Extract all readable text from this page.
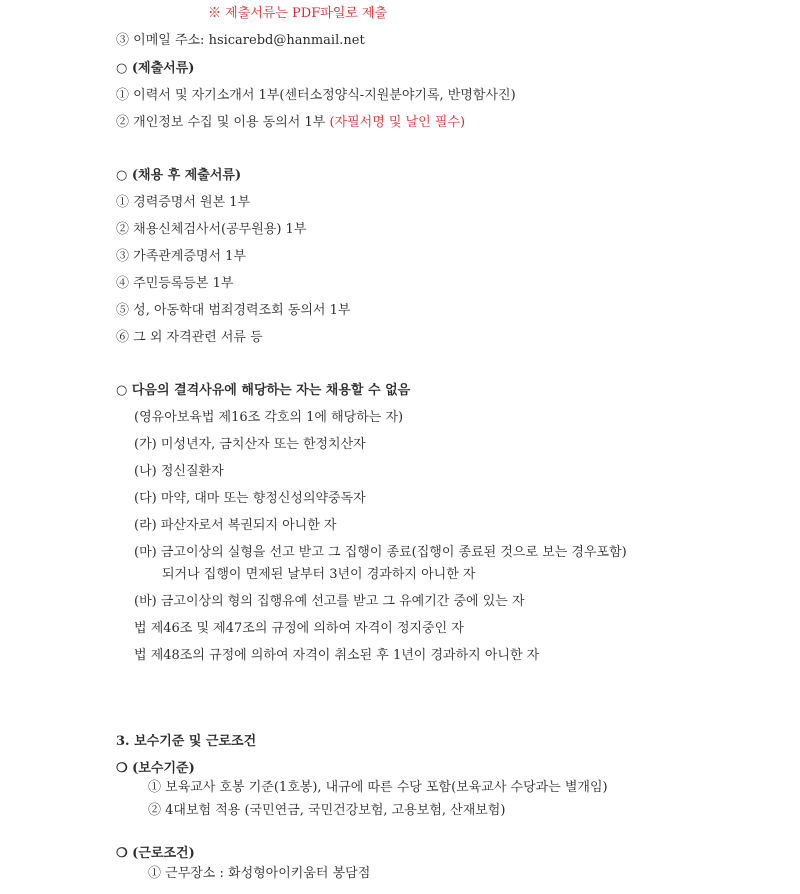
※ 제출서류는 PDF파일로 제출
③ 이메일 주소: hsicarebd@hanmail.net
○ (제출서류)
① 이력서 및 자기소개서 1부(센터소정양식-지원분야기록, 반명함사진)
② 개인정보 수집 및 이용 동의서 1부 (자필서명 및 날인 필수)
○ (채용 후 제출서류)
① 경력증명서 원본 1부
② 채용신체검사서(공무원용) 1부
③ 가족관계증명서 1부
④ 주민등록등본 1부
⑤ 성, 아동학대 범죄경력조회 동의서 1부
⑥ 그 외 자격관련 서류 등
○ 다음의 결격사유에 해당하는 자는 채용할 수 없음
(영유아보육법 제16조 각호의 1에 해당하는 자)
(가) 미성년자, 금치산자 또는 한정치산자
(나) 정신질환자
(다) 마약, 대마 또는 향정신성의약중독자
(라) 파산자로서 복권되지 아니한 자
(마) 금고이상의 실형을 선고 받고 그 집행이 종료(집행이 종료된 것으로 보는 경우포함)
되거나 집행이 면제된 날부터 3년이 경과하지 아니한 자
(바) 금고이상의 형의 집행유예 선고를 받고 그 유예기간 중에 있는 자
법 제46조 및 제47조의 규정에 의하여 자격이 정지중인 자
법 제48조의 규정에 의하여 자격이 취소된 후 1년이 경과하지 아니한 자
3. 보수기준 및 근로조건
❍ (보수기준)
① 보육교사 호봉 기준(1호봉), 내규에 따른 수당 포함(보육교사 수당과는 별개임)
② 4대보험 적용 (국민연금, 국민건강보험, 고용보험, 산재보험)
❍ (근로조건)
① 근무장소 : 화성형아이키움터 봉담점
